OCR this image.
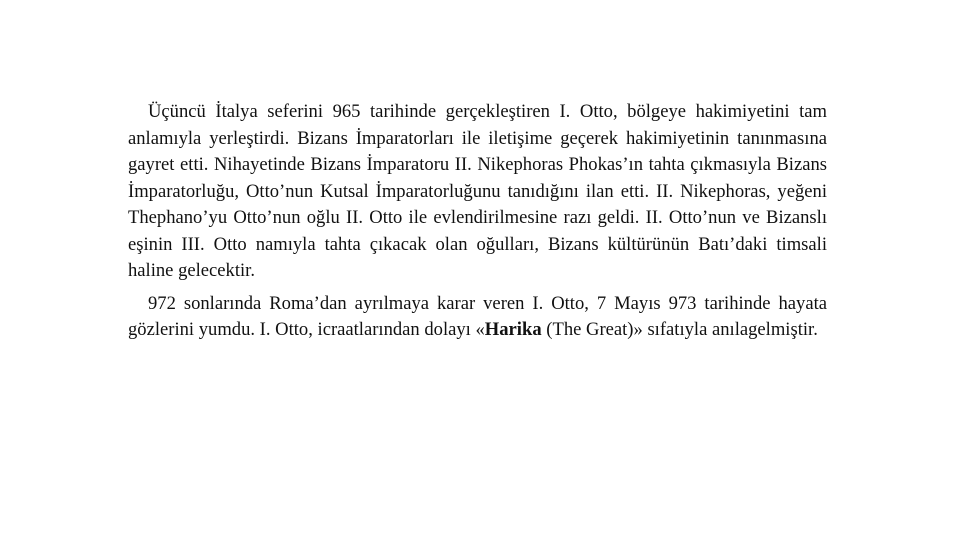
Üçüncü İtalya seferini 965 tarihinde gerçekleştiren I. Otto, bölgeye hakimiyetini tam anlamıyla yerleştirdi. Bizans İmparatorları ile iletişime geçerek hakimiyetinin tanınmasına gayret etti. Nihayetinde Bizans İmparatoru II. Nikephoras Phokas’ın tahta çıkmasıyla Bizans İmparatorluğu, Otto’nun Kutsal İmparatorluğunu tanıdığını ilan etti. II. Nikephoras, yeğeni Thephano’yu Otto’nun oğlu II. Otto ile evlendirilmesine razı geldi. II. Otto’nun ve Bizanslı eşinin III. Otto namıyla tahta çıkacak olan oğulları, Bizans kültürünün Batı’daki timsali haline gelecektir.

972 sonlarında Roma’dan ayrılmaya karar veren I. Otto, 7 Mayıs 973 tarihinde hayata gözlerini yumdu. I. Otto, icraatlarından dolayı «Harika (The Great)» sıfatıyla anılagelmiştir.
